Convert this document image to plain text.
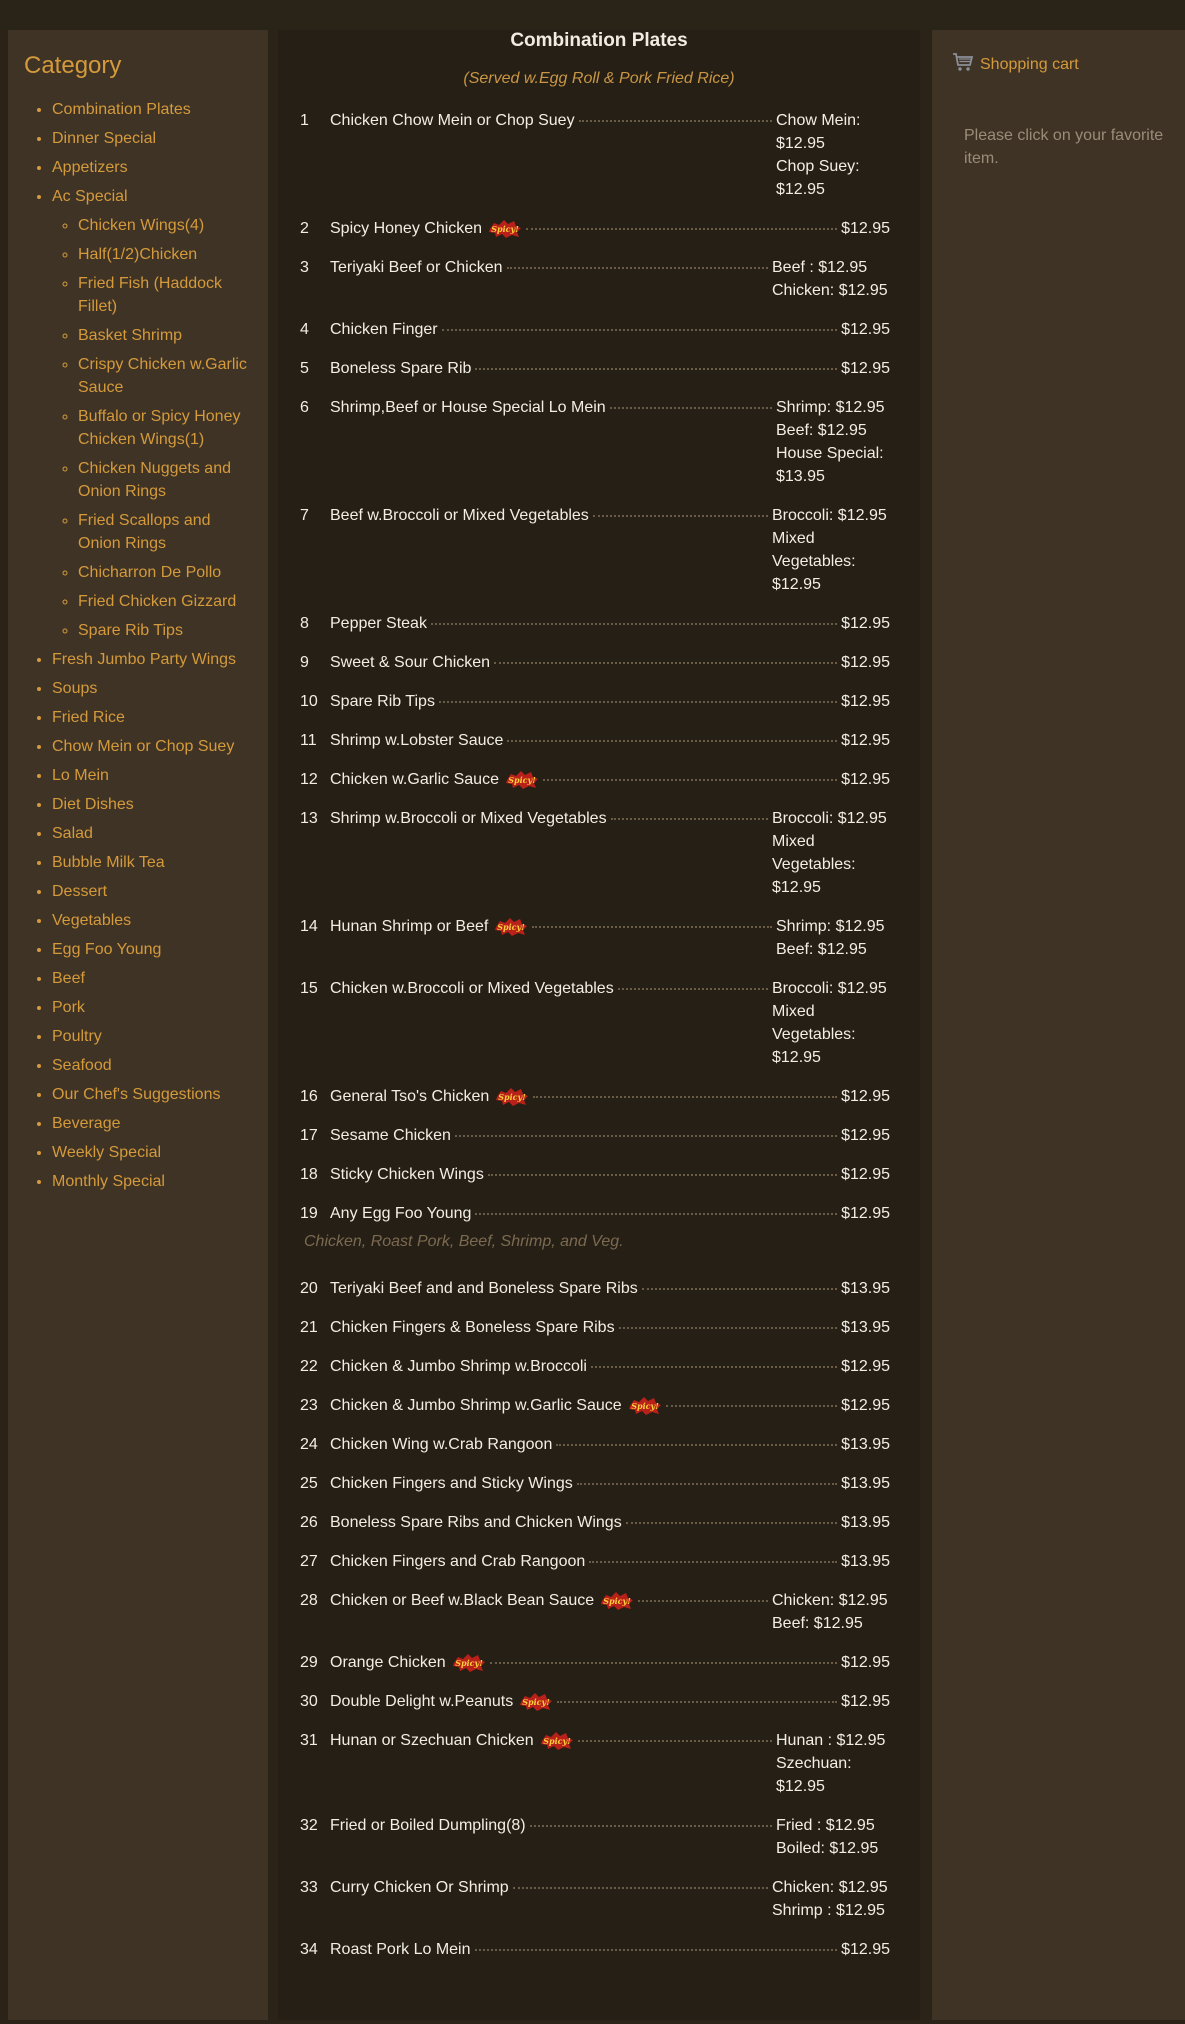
Category
• Combination Plates
• Dinner Special
• Appetizers
• Ac Special
◦ Chicken Wings(4)
◦ Half(1/2)Chicken
◦ Fried Fish (Haddock Fillet)
◦ Basket Shrimp
◦ Crispy Chicken w.Garlic Sauce
◦ Buffalo or Spicy Honey Chicken Wings(1)
◦ Chicken Nuggets and Onion Rings
◦ Fried Scallops and Onion Rings
◦ Chicharron De Pollo
◦ Fried Chicken Gizzard
◦ Spare Rib Tips
• Fresh Jumbo Party Wings
• Soups
• Fried Rice
• Chow Mein or Chop Suey
• Lo Mein
• Diet Dishes
• Salad
• Bubble Milk Tea
• Dessert
• Vegetables
• Egg Foo Young
• Beef
• Pork
• Poultry
• Seafood
• Our Chef's Suggestions
• Beverage
• Weekly Special
• Monthly Special
Combination Plates

(Served w.Egg Roll & Pork Fried Rice)

1	Chicken Chow Mein or Chop Suey	Chow Mein:
$12.95
Chop Suey:
$12.95
2	Spicy Honey Chicken Spicy!	$12.95
3	Teriyaki Beef or Chicken	Beef : $12.95
Chicken: $12.95
4	Chicken Finger	$12.95
5	Boneless Spare Rib	$12.95
6	Shrimp,Beef or House Special Lo Mein	Shrimp: $12.95
Beef: $12.95
House Special:
$13.95
7	Beef w.Broccoli or Mixed Vegetables	Broccoli: $12.95
Mixed
Vegetables:
$12.95
8	Pepper Steak	$12.95
9	Sweet & Sour Chicken	$12.95
10 Spare Rib Tips	$12.95
11 Shrimp w.Lobster Sauce	$12.95
12 Chicken w.Garlic Sauce Spicy!	$12.95
13 Shrimp w.Broccoli or Mixed Vegetables	Broccoli: $12.95
Mixed
Vegetables:
$12.95
14 Hunan Shrimp or Beef Spicy!	Shrimp: $12.95
Beef: $12.95
15 Chicken w.Broccoli or Mixed Vegetables	Broccoli: $12.95
Mixed
Vegetables:
$12.95
16 General Tso's Chicken Spicy!	$12.95
17 Sesame Chicken	$12.95
18 Sticky Chicken Wings	$12.95
19 Any Egg Foo Young	$12.95

Chicken, Roast Pork, Beef, Shrimp, and Veg.

20 Teriyaki Beef and and Boneless Spare Ribs	$13.95
21 Chicken Fingers & Boneless Spare Ribs	$13.95
22 Chicken & Jumbo Shrimp w.Broccoli	$12.95
23 Chicken & Jumbo Shrimp w.Garlic Sauce Spicy!	$12.95
24 Chicken Wing w.Crab Rangoon	$13.95
25 Chicken Fingers and Sticky Wings	$13.95
26 Boneless Spare Ribs and Chicken Wings	$13.95
27 Chicken Fingers and Crab Rangoon	$13.95
28 Chicken or Beef w.Black Bean Sauce Spicy!	Chicken: $12.95
Beef: $12.95
29 Orange Chicken Spicy!	$12.95
30 Double Delight w.Peanuts Spicy!	$12.95
31 Hunan or Szechuan Chicken Spicy!	Hunan : $12.95
Szechuan:
$12.95
32 Fried or Boiled Dumpling(8)	Fried : $12.95
Boiled: $12.95
33 Curry Chicken Or Shrimp	Chicken: $12.95
Shrimp : $12.95
34 Roast Pork Lo Mein	$12.95
Shopping cart
Please click on your favorite item.
